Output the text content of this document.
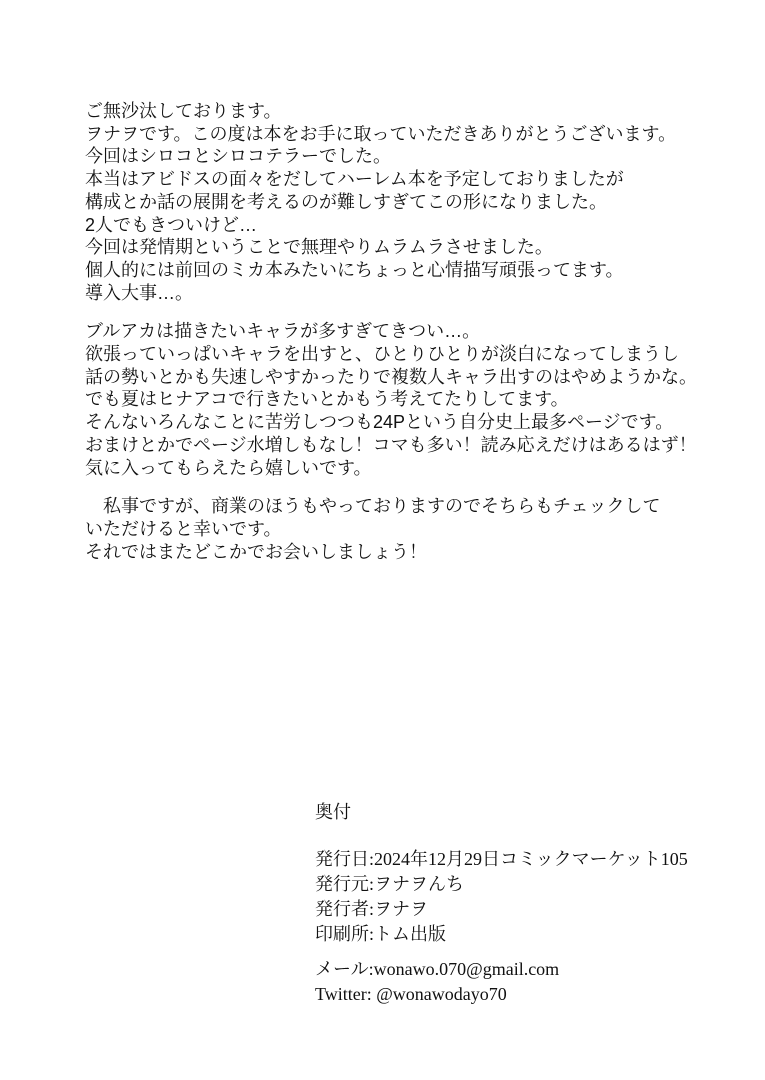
ご無沙汰しております。
ヲナヲです。この度は本をお手に取っていただきありがとうございます。
今回はシロコとシロコテラーでした。
本当はアビドスの面々をだしてハーレム本を予定しておりましたが
構成とか話の展開を考えるのが難しすぎてこの形になりました。
2人でもきついけど…
今回は発情期ということで無理やりムラムラさせました。
個人的には前回のミカ本みたいにちょっと心情描写頑張ってます。
導入大事…。
ブルアカは描きたいキャラが多すぎてきつい…。
欲張っていっぱいキャラを出すと、ひとりひとりが淡白になってしまうし
話の勢いとかも失速しやすかったりで複数人キャラ出すのはやめようかな。
でも夏はヒナアコで行きたいとかもう考えてたりしてます。
そんないろんなことに苦労しつつも24Pという自分史上最多ページです。
おまけとかでページ水増しもなし！コマも多い！読み応えだけはあるはず！
気に入ってもらえたら嬉しいです。
　私事ですが、商業のほうもやっておりますのでそちらもチェックして
いただけると幸いです。
それではまたどこかでお会いしましょう！
奥付
発行日:2024年12月29日コミックマーケット105
発行元:ヲナヲんち
発行者:ヲナヲ
印刷所:トム出版
メール:wonawo.070@gmail.com
Twitter: @wonawodayo70
